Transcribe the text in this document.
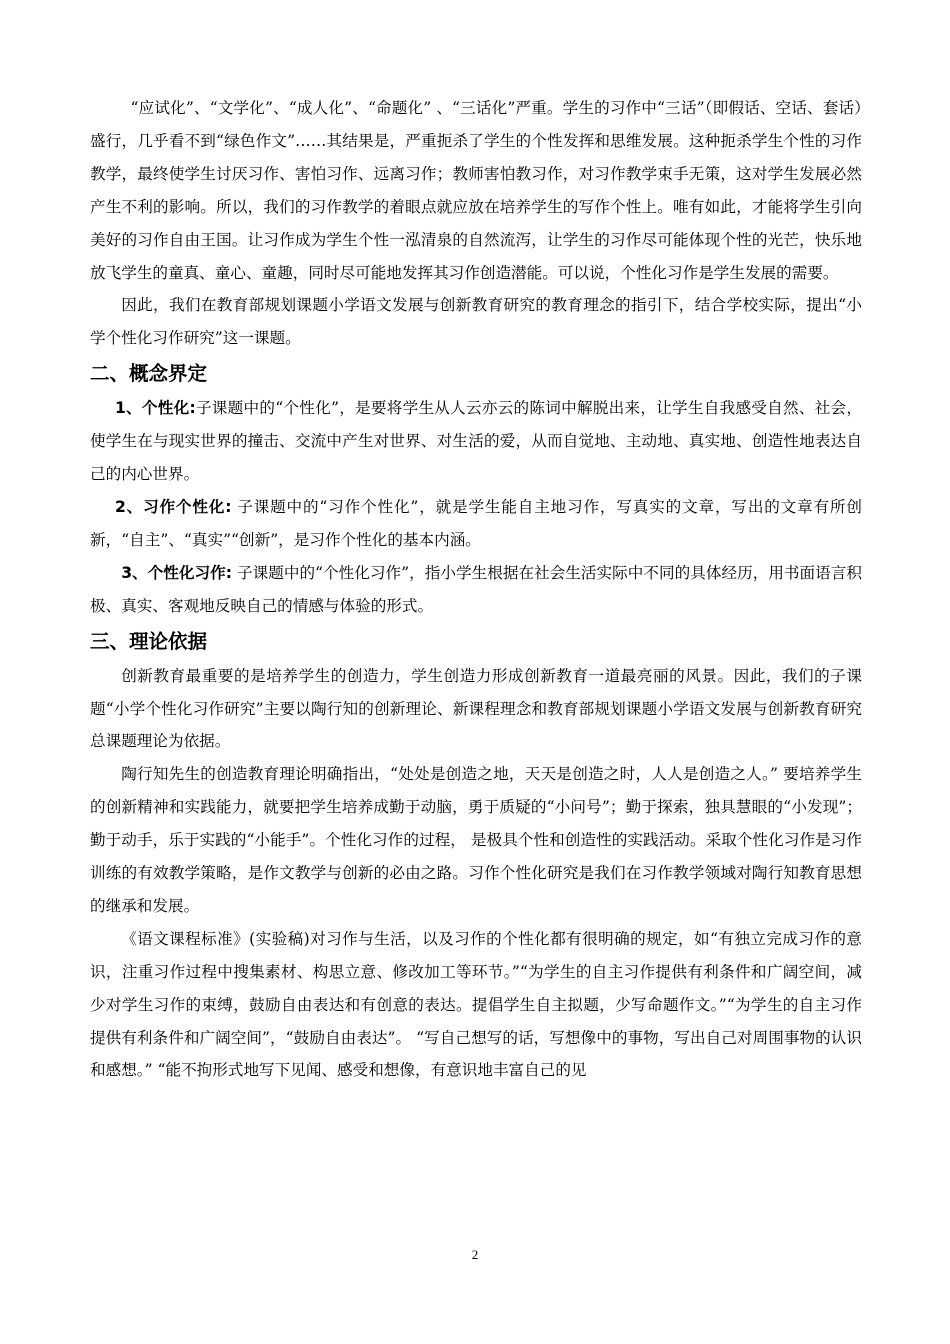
“应试化”、“文学化”、“成人化”、“命题化” 、“三话化”严重。学生的习作中“三话”（即假话、空话、套话）盛行，几乎看不到“绿色作文”……其结果是，严重扼杀了学生的个性发挥和思维发展。这种扼杀学生个性的习作教学，最终使学生讨厌习作、害怕习作、远离习作；教师害怕教习作，对习作教学束手无策，这对学生发展必然产生不利的影响。所以，我们的习作教学的着眼点就应放在培养学生的写作个性上。唯有如此，才能将学生引向美好的习作自由王国。让习作成为学生个性一泓清泉的自然流泻，让学生的习作尽可能体现个性的光芒，快乐地放飞学生的童真、童心、童趣，同时尽可能地发挥其习作创造潜能。可以说，个性化习作是学生发展的需要。

因此，我们在教育部规划课题小学语文发展与创新教育研究的教育理念的指引下，结合学校实际，提出“小学个性化习作研究”这一课题。

二、概念界定

1、个性化:子课题中的“个性化”，是要将学生从人云亦云的陈词中解脱出来，让学生自我感受自然、社会，使学生在与现实世界的撞击、交流中产生对世界、对生活的爱，从而自觉地、主动地、真实地、创造性地表达自己的内心世界。

2、习作个性化: 子课题中的“习作个性化”，就是学生能自主地习作，写真实的文章，写出的文章有所创新，“自主”、“真实”“创新”，是习作个性化的基本内涵。

3、个性化习作: 子课题中的“个性化习作”，指小学生根据在社会生活实际中不同的具体经历，用书面语言积极、真实、客观地反映自己的情感与体验的形式。

三、理论依据

创新教育最重要的是培养学生的创造力，学生创造力形成创新教育一道最亮丽的风景。因此，我们的子课题“小学个性化习作研究”主要以陶行知的创新理论、新课程理念和教育部规划课题小学语文发展与创新教育研究总课题理论为依据。

陶行知先生的创造教育理论明确指出，“处处是创造之地，天天是创造之时，人人是创造之人。” 要培养学生的创新精神和实践能力，就要把学生培养成勤于动脑，勇于质疑的“小问号”；勤于探索，独具慧眼的“小发现”；勤于动手，乐于实践的“小能手”。个性化习作的过程， 是极具个性和创造性的实践活动。采取个性化习作是习作训练的有效教学策略，是作文教学与创新的必由之路。习作个性化研究是我们在习作教学领域对陶行知教育思想的继承和发展。

《语文课程标准》(实验稿)对习作与生活，以及习作的个性化都有很明确的规定，如“有独立完成习作的意识，注重习作过程中搜集素材、构思立意、修改加工等环节。”“为学生的自主习作提供有利条件和广阔空间，减少对学生习作的束缚，鼓励自由表达和有创意的表达。提倡学生自主拟题，少写命题作文。”“为学生的自主习作提供有利条件和广阔空间”，“鼓励自由表达”。 “写自己想写的话，写想像中的事物，写出自己对周围事物的认识和感想。” “能不拘形式地写下见闻、感受和想像，有意识地丰富自己的见

2
